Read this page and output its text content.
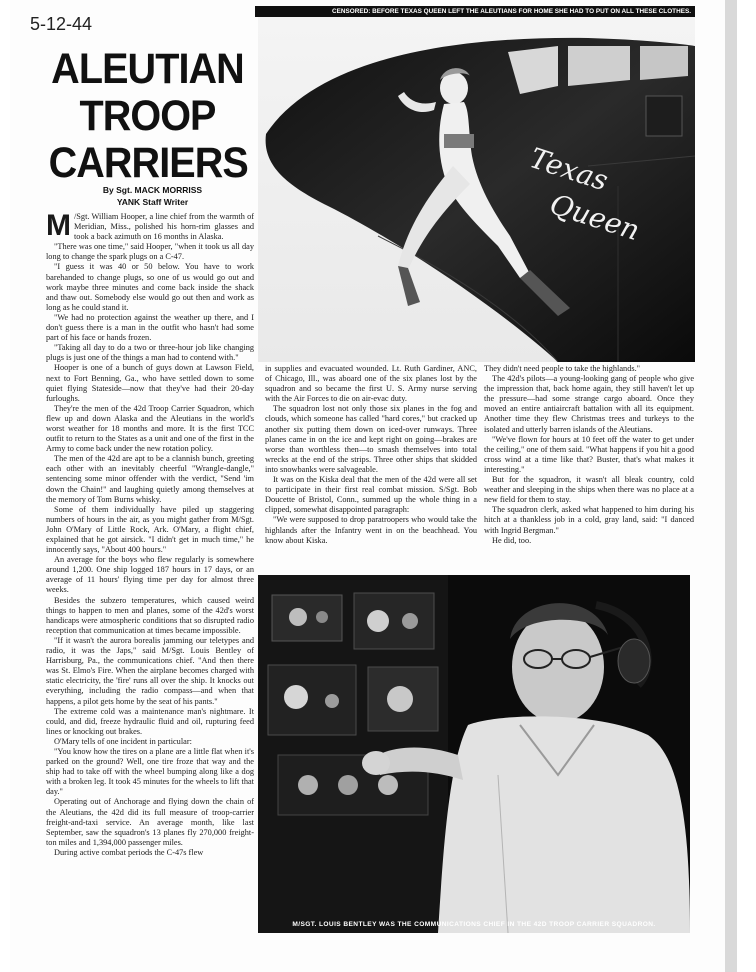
5-12-44
ALEUTIAN
TROOP
CARRIERS
By Sgt. MACK MORRISS
YANK Staff Writer
Texas
Queen
CENSORED: BEFORE TEXAS QUEEN LEFT THE ALEUTIANS FOR HOME SHE HAD TO PUT ON ALL THESE CLOTHES.

M /Sgt. William Hooper, a line chief from the warmth of Meridian, Miss., polished his horn-rim glasses and took a back azimuth on 16 months in Alaska.

"There was one time," said Hooper, "when it took us all day long to change the spark plugs on a C-47.

"I guess it was 40 or 50 below. You have to work barehanded to change plugs, so one of us would go out and work maybe three minutes and come back inside the shack and thaw out. Somebody else would go out then and work as long as he could stand it.

"We had no protection against the weather up there, and I don't guess there is a man in the outfit who hasn't had some part of his face or hands frozen.

"Taking all day to do a two or three-hour job like changing plugs is just one of the things a man had to contend with."

Hooper is one of a bunch of guys down at Lawson Field, next to Fort Benning, Ga., who have settled down to some quiet flying Stateside—now that they've had their 20-day furloughs.

They're the men of the 42d Troop Carrier Squadron, which flew up and down Alaska and the Aleutians in the world's worst weather for 18 months and more. It is the first TCC outfit to return to the States as a unit and one of the first in the Army to come back under the new rotation policy.

The men of the 42d are apt to be a clannish bunch, greeting each other with an inevitably cheerful "Wrangle-dangle," sentencing some minor offender with the verdict, "Send 'im down the Chain!" and laughing quietly among themselves at the memory of Tom Burns whisky.

Some of them individually have piled up staggering numbers of hours in the air, as you might gather from M/Sgt. John O'Mary of Little Rock, Ark. O'Mary, a flight chief, explained that he got airsick. "I didn't get in much time," he innocently says, "About 400 hours."

An average for the boys who flew regularly is somewhere around 1,200. One ship logged 187 hours in 17 days, or an average of 11 hours' flying time per day for almost three weeks.

Besides the subzero temperatures, which caused weird things to happen to men and planes, some of the 42d's worst handicaps were atmospheric conditions that so disrupted radio reception that communication at times became impossible.

"If it wasn't the aurora borealis jamming our teletypes and radio, it was the Japs," said M/Sgt. Louis Bentley of Harrisburg, Pa., the communications chief. "And then there was St. Elmo's Fire. When the airplane becomes charged with static electricity, the 'fire' runs all over the ship. It knocks out everything, including the radio compass—and when that happens, a pilot gets home by the seat of his pants."

The extreme cold was a maintenance man's nightmare. It could, and did, freeze hydraulic fluid and oil, rupturing feed lines or knocking out brakes.

O'Mary tells of one incident in particular:

"You know how the tires on a plane are a little flat when it's parked on the ground? Well, one tire froze that way and the ship had to take off with the wheel bumping along like a dog with a broken leg. It took 45 minutes for the wheels to lift that day."

Operating out of Anchorage and flying down the chain of the Aleutians, the 42d did its full measure of troop-carrier freight-and-taxi service. An average month, like last September, saw the squadron's 13 planes fly 270,000 freight-ton miles and 1,394,000 passenger miles.

During active combat periods the C-47s flew

in supplies and evacuated wounded. Lt. Ruth Gardiner, ANC, of Chicago, Ill., was aboard one of the six planes lost by the squadron and so became the first U. S. Army nurse serving with the Air Forces to die on air-evac duty.

The squadron lost not only those six planes in the fog and clouds, which someone has called "hard cores," but cracked up another six putting them down on iced-over runways. Three planes came in on the ice and kept right on going—brakes are worse than worthless then—to smash themselves into total wrecks at the end of the strips. Three other ships that skidded into snowbanks were salvageable.

It was on the Kiska deal that the men of the 42d were all set to participate in their first real combat mission. S/Sgt. Bob Doucette of Bristol, Conn., summed up the whole thing in a clipped, somewhat disappointed paragraph:

"We were supposed to drop paratroopers who would take the highlands after the Infantry went in on the beachhead. You know about Kiska.

They didn't need people to take the highlands."

The 42d's pilots—a young-looking gang of people who give the impression that, back home again, they still haven't let up the pressure—had some strange cargo aboard. Once they moved an entire antiaircraft battalion with all its equipment. Another time they flew Christmas trees and turkeys to the isolated and utterly barren islands of the Aleutians.

"We've flown for hours at 10 feet off the water to get under the ceiling," one of them said. "What happens if you hit a good cross wind at a time like that? Buster, that's what makes it interesting."

But for the squadron, it wasn't all bleak country, cold weather and sleeping in the ships when there was no place at a new field for them to stay.

The squadron clerk, asked what happened to him during his hitch at a thankless job in a cold, gray land, said: "I danced with Ingrid Bergman."

He did, too.

M/SGT. LOUIS BENTLEY WAS THE COMMUNICATIONS CHIEF IN THE 42D TROOP CARRIER SQUADRON.
